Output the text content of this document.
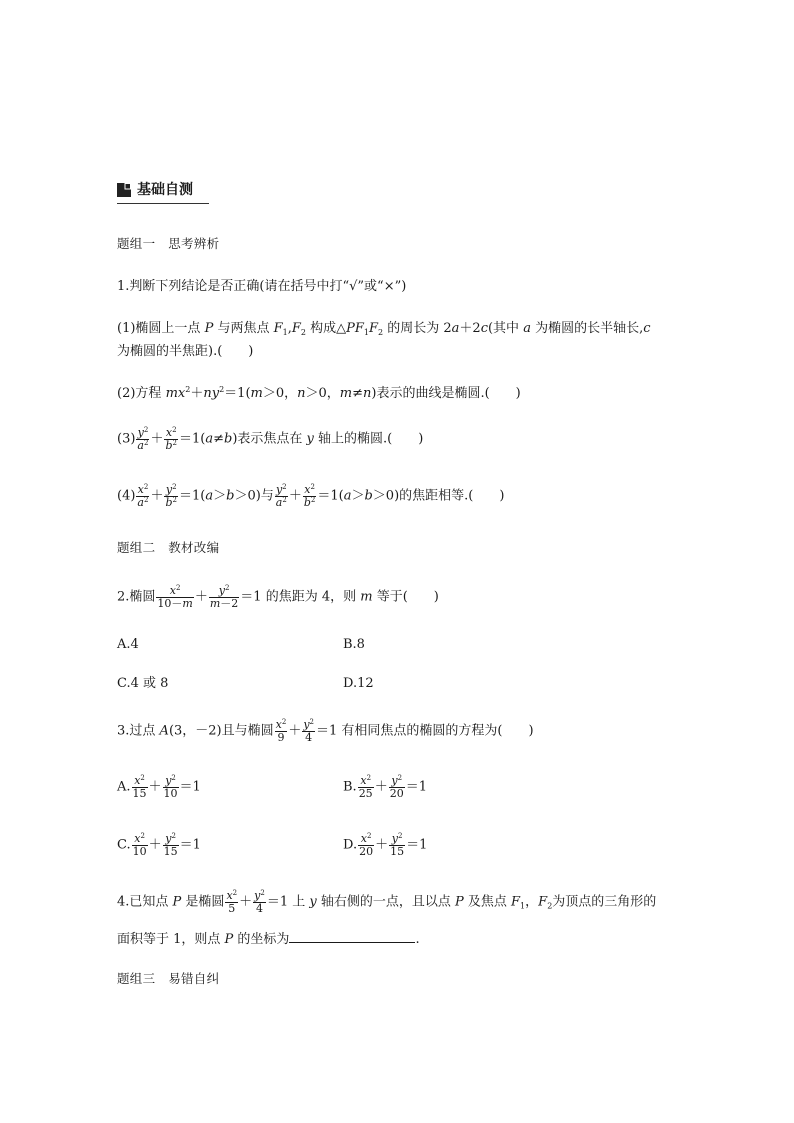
基础自测
题组一　思考辨析
1.判断下列结论是否正确(请在括号中打“√”或“×”)
(1)椭圆上一点 P 与两焦点 $F_1,F_2$ 构成$\triangle PF_1F_2$ 的周长为 2a＋2c(其中 a 为椭圆的长半轴长,c
为椭圆的半焦距).(　　)
(2)方程 $mx^2+ny^2=1(m>0$，n＞0，m≠n)表示的曲线是椭圆.(　　)
$(3) \frac{y^2}{a^2} + \frac{x^2}{b^2} =1(a\ne b)$表示焦点在 y 轴上的椭圆.(　　)
$(4) \frac{x^2}{a^2} + \frac{y^2}{b^2} =1(a>b>0)$与 $\frac{y^2}{a^2} + \frac{x^2}{b^2} =1(a>b>0)$的焦距相等.(　　)
题组二　教材改编
2.椭圆 $\frac{x^2}{10-m} + \frac{y^2}{m-2} =1$ 的焦距为 4，则 m 等于(　　)
A.4	B.8
C.4 或 8	D.12
3.过点 A(3，－2)且与椭圆 $\frac{x^2}{9} + \frac{y^2}{4} =1$ 有相同焦点的椭圆的方程为(　　)
A. $\frac{x^2}{15} + \frac{y^2}{10} =1$	B. $\frac{x^2}{25} + \frac{y^2}{20} =1$
C. $\frac{x^2}{10} + \frac{y^2}{15} =1$	D. $\frac{x^2}{20} + \frac{y^2}{15} =1$
4.已知点 P 是椭圆 $\frac{x^2}{5} + \frac{y^2}{4} =1$ 上 y 轴右侧的一点，且以点 P 及焦点 $F_1$，$F_2$为顶点的三角形的
面积等于 1，则点 P 的坐标为	.
题组三　易错自纠
